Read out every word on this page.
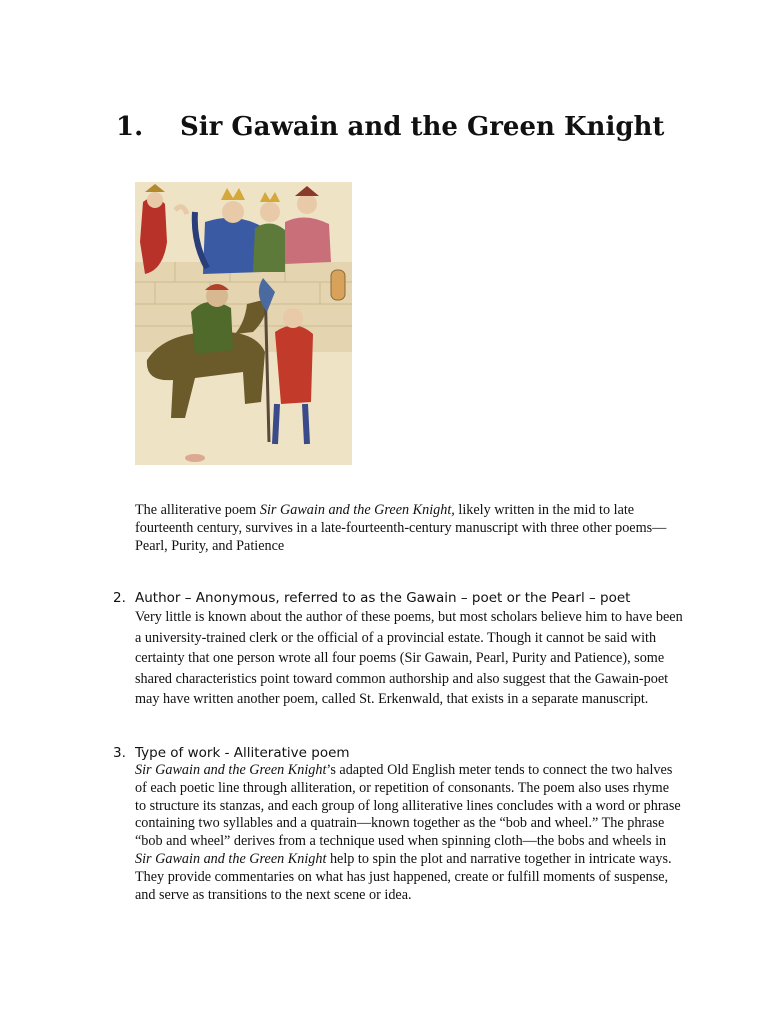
1. Sir Gawain and the Green Knight
The alliterative poem Sir Gawain and the Green Knight, likely written in the mid to late fourteenth century, survives in a late-fourteenth-century manuscript with three other poems—Pearl, Purity, and Patience
2. Author – Anonymous, referred to as the Gawain – poet or the Pearl – poet
Very little is known about the author of these poems, but most scholars believe him to have been a university-trained clerk or the official of a provincial estate. Though it cannot be said with certainty that one person wrote all four poems (Sir Gawain, Pearl, Purity and Patience), some shared characteristics point toward common authorship and also suggest that the Gawain-poet may have written another poem, called St. Erkenwald, that exists in a separate manuscript.
3. Type of work - Alliterative poem
Sir Gawain and the Green Knight’s adapted Old English meter tends to connect the two halves of each poetic line through alliteration, or repetition of consonants. The poem also uses rhyme to structure its stanzas, and each group of long alliterative lines concludes with a word or phrase containing two syllables and a quatrain—known together as the “bob and wheel.” The phrase “bob and wheel” derives from a technique used when spinning cloth—the bobs and wheels in Sir Gawain and the Green Knight help to spin the plot and narrative together in intricate ways. They provide commentaries on what has just happened, create or fulfill moments of suspense, and serve as transitions to the next scene or idea.
